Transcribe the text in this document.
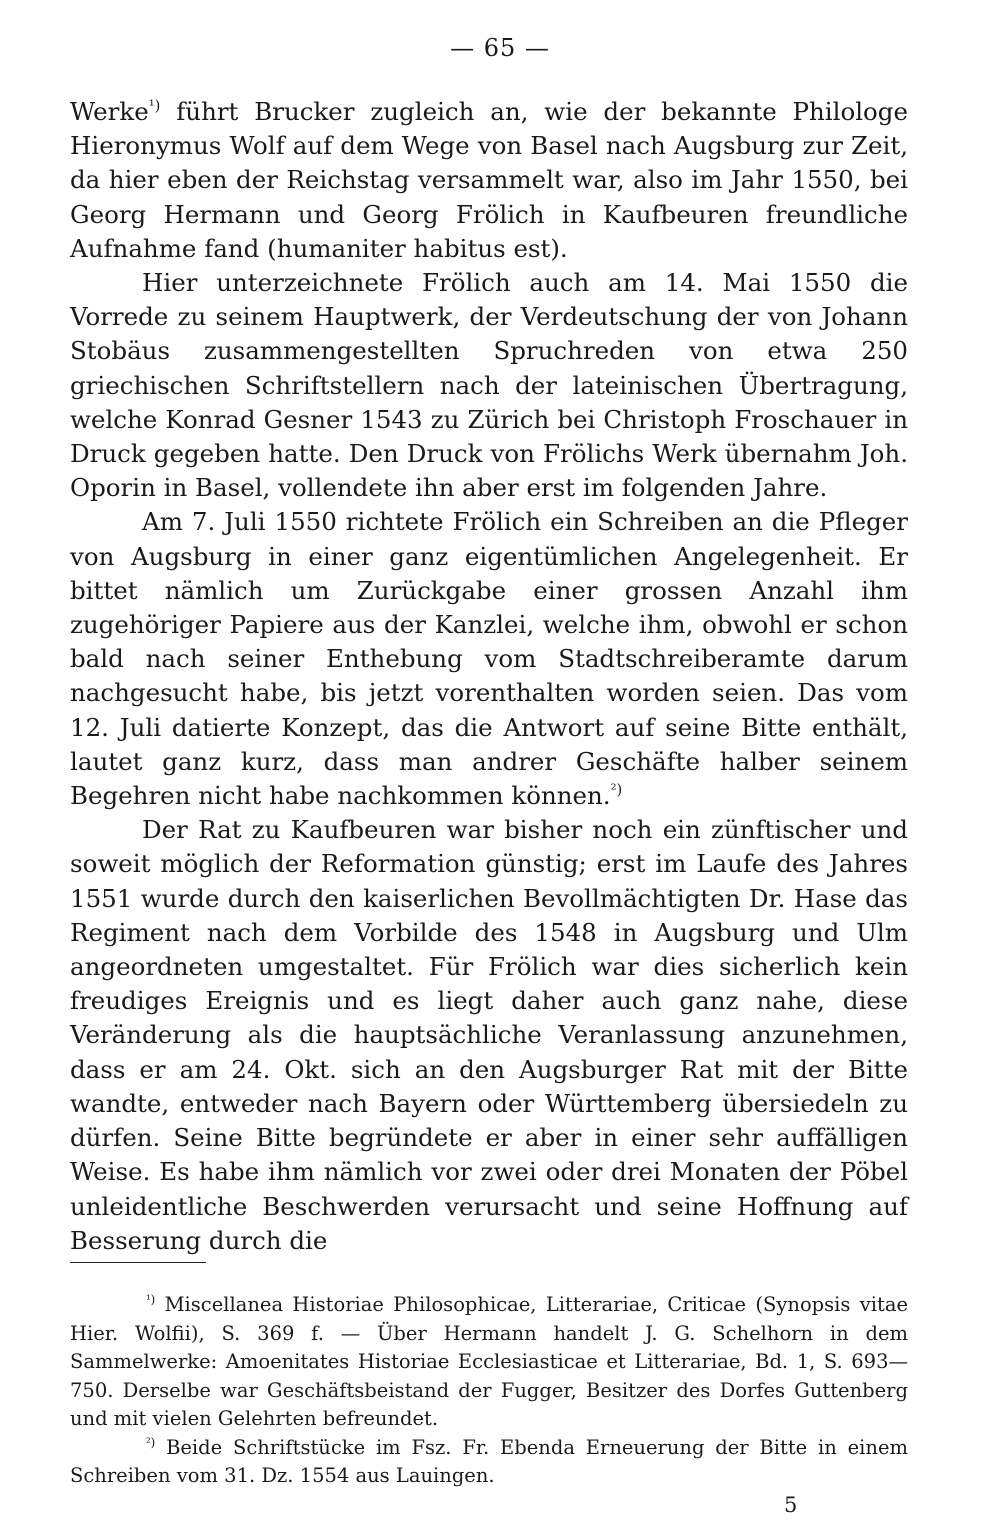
— 65 —

Werke$^{^1)}$ führt Brucker zugleich an, wie der bekannte Philologe Hieronymus Wolf auf dem Wege von Basel nach Augsburg zur Zeit, da hier eben der Reichstag versammelt war, also im Jahr 1550, bei Georg Hermann und Georg Frölich in Kaufbeuren freundliche Aufnahme fand (humaniter habitus est).

Hier unterzeichnete Frölich auch am 14. Mai 1550 die Vorrede zu seinem Hauptwerk, der Verdeutschung der von Johann Stobäus zusammengestellten Spruchreden von etwa 250 griechischen Schriftstellern nach der lateinischen Übertragung, welche Konrad Gesner 1543 zu Zürich bei Christoph Froschauer in Druck gegeben hatte. Den Druck von Frölichs Werk übernahm Joh. Oporin in Basel, vollendete ihn aber erst im folgenden Jahre.

Am 7. Juli 1550 richtete Frölich ein Schreiben an die Pfleger von Augsburg in einer ganz eigentümlichen Angelegenheit. Er bittet nämlich um Zurückgabe einer grossen Anzahl ihm zugehöriger Papiere aus der Kanzlei, welche ihm, obwohl er schon bald nach seiner Enthebung vom Stadtschreiberamte darum nachgesucht habe, bis jetzt vorenthalten worden seien. Das vom 12. Juli datierte Konzept, das die Antwort auf seine Bitte enthält, lautet ganz kurz, dass man andrer Geschäfte halber seinem Begehren nicht habe nachkommen können.$^{^2)}$

Der Rat zu Kaufbeuren war bisher noch ein zünftischer und soweit möglich der Reformation günstig; erst im Laufe des Jahres 1551 wurde durch den kaiserlichen Bevollmächtigten Dr. Hase das Regiment nach dem Vorbilde des 1548 in Augsburg und Ulm angeordneten umgestaltet. Für Frölich war dies sicherlich kein freudiges Ereignis und es liegt daher auch ganz nahe, diese Veränderung als die hauptsächliche Veranlassung anzunehmen, dass er am 24. Okt. sich an den Augsburger Rat mit der Bitte wandte, entweder nach Bayern oder Württemberg übersiedeln zu dürfen. Seine Bitte begründete er aber in einer sehr auffälligen Weise. Es habe ihm nämlich vor zwei oder drei Monaten der Pöbel unleidentliche Beschwerden verursacht und seine Hoffnung auf Besserung durch die

$^{^1)}$ Miscellanea Historiae Philosophicae, Litterariae, Criticae (Synopsis vitae Hier. Wolfii), S. 369 f. — Über Hermann handelt J. G. Schelhorn in dem Sammelwerke: Amoenitates Historiae Ecclesiasticae et Litterariae, Bd. 1, S. 693—750. Derselbe war Geschäftsbeistand der Fugger, Besitzer des Dorfes Guttenberg und mit vielen Gelehrten befreundet.

$^{^2)}$ Beide Schriftstücke im Fsz. Fr. Ebenda Erneuerung der Bitte in einem Schreiben vom 31. Dz. 1554 aus Lauingen.

5
